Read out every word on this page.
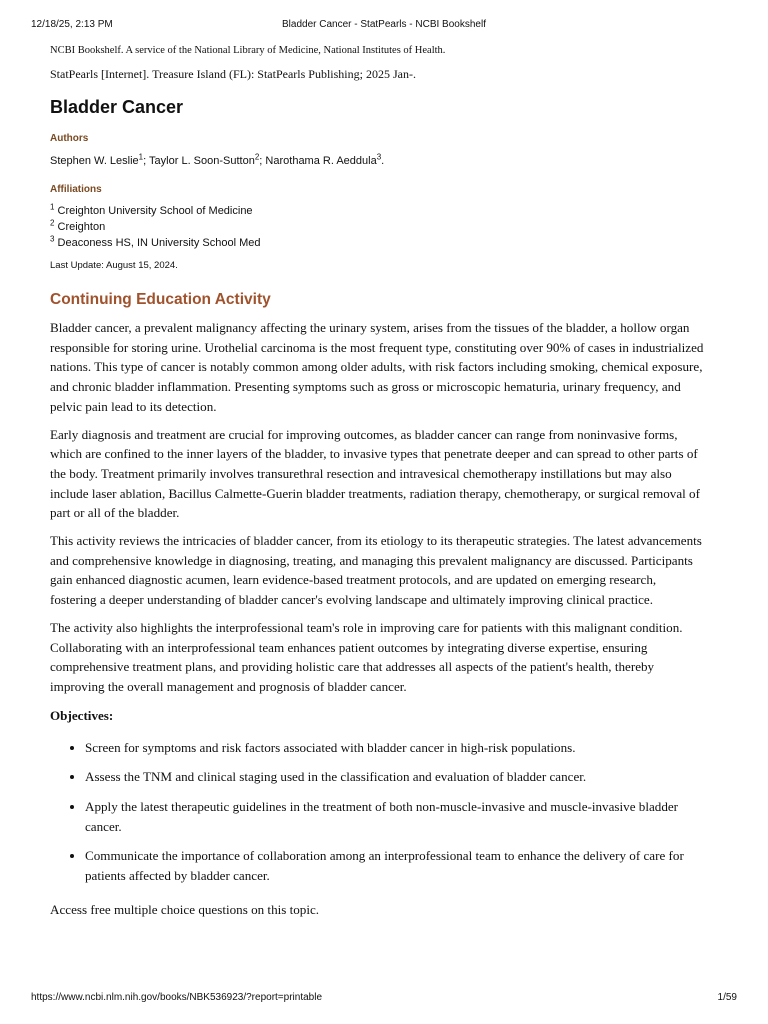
12/18/25, 2:13 PM	Bladder Cancer - StatPearls - NCBI Bookshelf

NCBI Bookshelf. A service of the National Library of Medicine, National Institutes of Health.

StatPearls [Internet]. Treasure Island (FL): StatPearls Publishing; 2025 Jan-.

Bladder Cancer

Authors

Stephen W. Leslie$^1$; Taylor L. Soon-Sutton$^2$; Narothama R. Aeddula$^3$.

Affiliations

$^1$ Creighton University School of Medicine
$^2$ Creighton
$^3$ Deaconess HS, IN University School Med

Last Update: August 15, 2024.

Continuing Education Activity

Bladder cancer, a prevalent malignancy affecting the urinary system, arises from the tissues of the bladder, a hollow organ responsible for storing urine. Urothelial carcinoma is the most frequent type, constituting over 90% of cases in industrialized nations. This type of cancer is notably common among older adults, with risk factors including smoking, chemical exposure, and chronic bladder inflammation. Presenting symptoms such as gross or microscopic hematuria, urinary frequency, and pelvic pain lead to its detection.

Early diagnosis and treatment are crucial for improving outcomes, as bladder cancer can range from noninvasive forms, which are confined to the inner layers of the bladder, to invasive types that penetrate deeper and can spread to other parts of the body. Treatment primarily involves transurethral resection and intravesical chemotherapy instillations but may also include laser ablation, Bacillus Calmette-Guerin bladder treatments, radiation therapy, chemotherapy, or surgical removal of part or all of the bladder.

This activity reviews the intricacies of bladder cancer, from its etiology to its therapeutic strategies. The latest advancements and comprehensive knowledge in diagnosing, treating, and managing this prevalent malignancy are discussed. Participants gain enhanced diagnostic acumen, learn evidence-based treatment protocols, and are updated on emerging research, fostering a deeper understanding of bladder cancer's evolving landscape and ultimately improving clinical practice.

The activity also highlights the interprofessional team's role in improving care for patients with this malignant condition. Collaborating with an interprofessional team enhances patient outcomes by integrating diverse expertise, ensuring comprehensive treatment plans, and providing holistic care that addresses all aspects of the patient's health, thereby improving the overall management and prognosis of bladder cancer.

Objectives:

• Screen for symptoms and risk factors associated with bladder cancer in high-risk populations.
• Assess the TNM and clinical staging used in the classification and evaluation of bladder cancer.
• Apply the latest therapeutic guidelines in the treatment of both non-muscle-invasive and muscle-invasive bladder cancer.
• Communicate the importance of collaboration among an interprofessional team to enhance the delivery of care for patients affected by bladder cancer.

Access free multiple choice questions on this topic.

https://www.ncbi.nlm.nih.gov/books/NBK536923/?report=printable	1/59
